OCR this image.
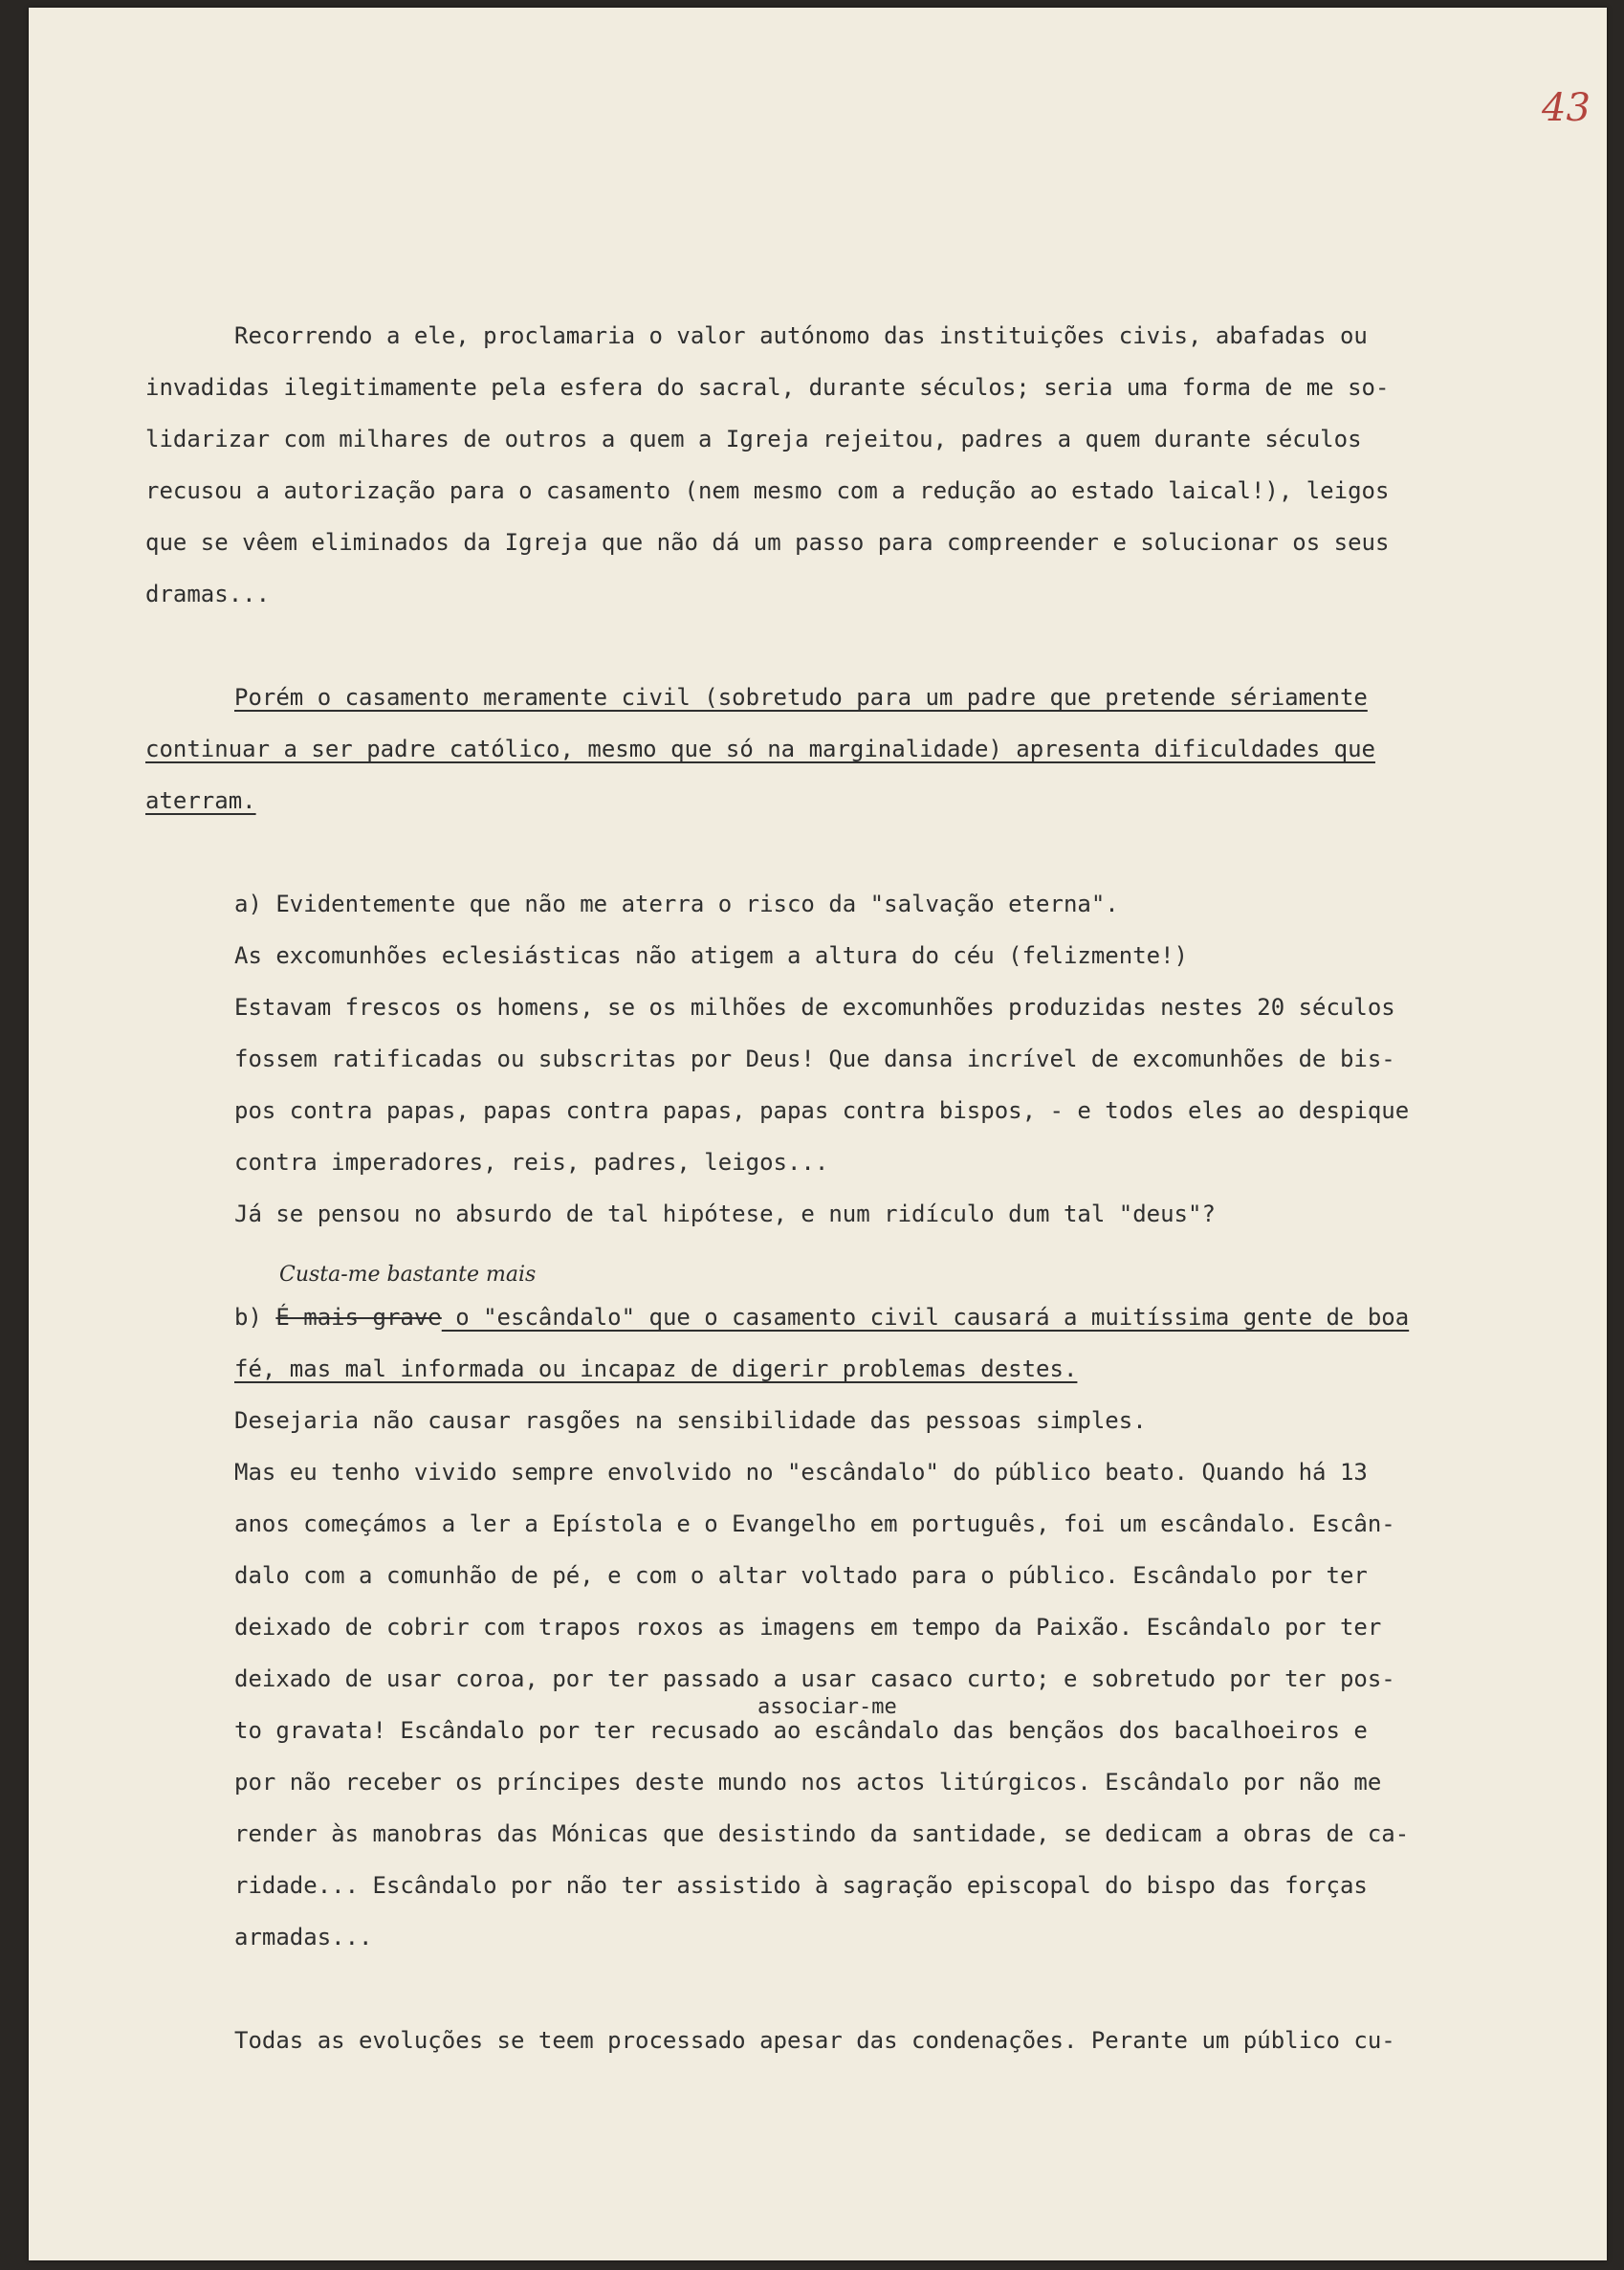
43
Recorrendo a ele, proclamaria o valor autónomo das instituições civis, abafadas ou
invadidas ilegitimamente pela esfera do sacral, durante séculos; seria uma forma de me so-
lidarizar com milhares de outros a quem a Igreja rejeitou, padres a quem durante séculos
recusou a autorização para o casamento (nem mesmo com a redução ao estado laical!), leigos
que se vêem eliminados da Igreja que não dá um passo para compreender e solucionar os seus
dramas...
Porém o casamento meramente civil (sobretudo para um padre que pretende sériamente
continuar a ser padre católico, mesmo que só na marginalidade) apresenta dificuldades que
aterram.
a) Evidentemente que não me aterra o risco da "salvação eterna".
As excomunhões eclesiásticas não atigem a altura do céu (felizmente!)
Estavam frescos os homens, se os milhões de excomunhões produzidas nestes 20 séculos
fossem ratificadas ou subscritas por Deus! Que dansa incrível de excomunhões de bis-
pos contra papas, papas contra papas, papas contra bispos, - e todos eles ao despique
contra imperadores, reis, padres, leigos...
Já se pensou no absurdo de tal hipótese, e num ridículo dum tal "deus"?
Custa-me bastante mais
b) É mais grave o "escândalo" que o casamento civil causará a muitíssima gente de boa
fé, mas mal informada ou incapaz de digerir problemas destes.
Desejaria não causar rasgões na sensibilidade das pessoas simples.
Mas eu tenho vivido sempre envolvido no "escândalo" do público beato. Quando há 13
anos começámos a ler a Epístola e o Evangelho em português, foi um escândalo. Escân-
dalo com a comunhão de pé, e com o altar voltado para o público. Escândalo por ter
deixado de cobrir com trapos roxos as imagens em tempo da Paixão. Escândalo por ter
deixado de usar coroa, por ter passado a usar casaco curto; e sobretudo por ter pos-
associar-me
to gravata! Escândalo por ter recusado ao escândalo das bençãos dos bacalhoeiros e
por não receber os príncipes deste mundo nos actos litúrgicos. Escândalo por não me
render às manobras das Mónicas que desistindo da santidade, se dedicam a obras de ca-
ridade... Escândalo por não ter assistido à sagração episcopal do bispo das forças
armadas...
Todas as evoluções se teem processado apesar das condenações. Perante um público cu-
